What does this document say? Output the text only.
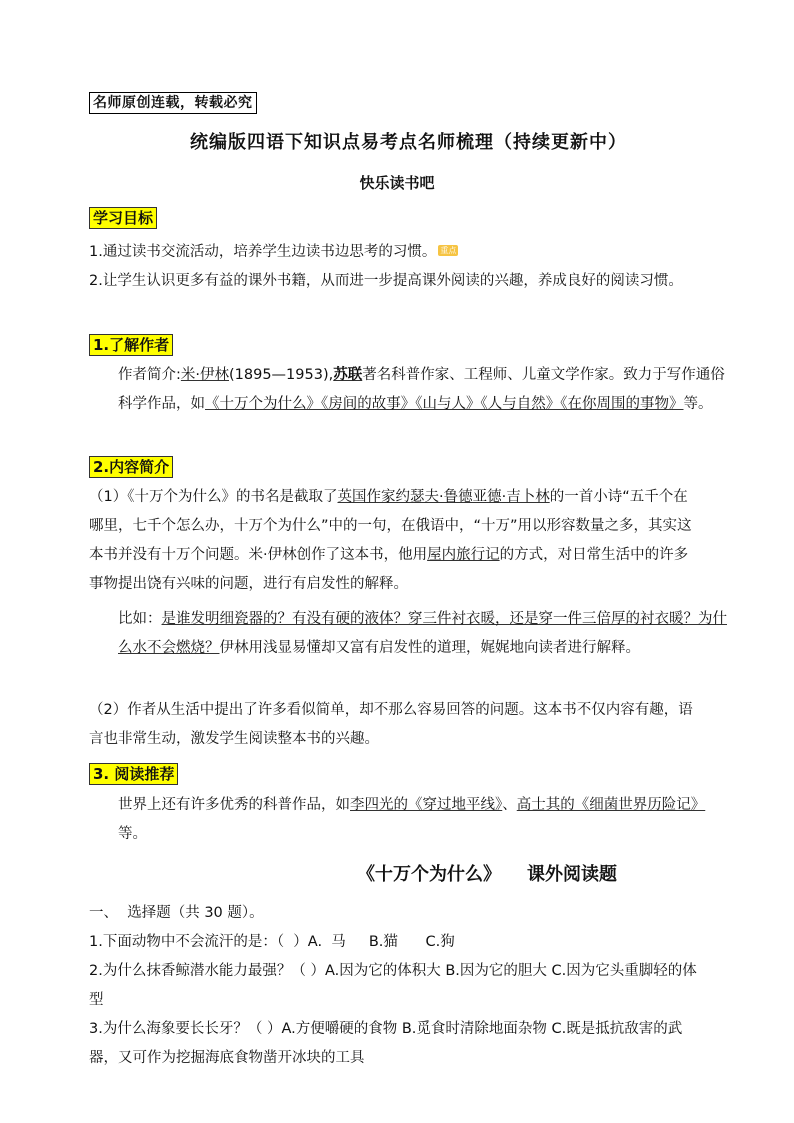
名师原创连载，转载必究
统编版四语下知识点易考点名师梳理（持续更新中）
快乐读书吧
学习目标
1.通过读书交流活动，培养学生边读书边思考的习惯。 重点
2.让学生认识更多有益的课外书籍，从而进一步提高课外阅读的兴趣，养成良好的阅读习惯。
1.了解作者
作者简介:米·伊林(1895—1953),苏联著名科普作家、工程师、儿童文学作家。致力于写作通俗科学作品，如《十万个为什么》《房间的故事》《山与人》《人与自然》《在你周围的事物》等。
2.内容简介
（1）《十万个为什么》的书名是截取了英国作家约瑟夫·鲁德亚德·吉卜林的一首小诗“五千个在哪里，七千个怎么办，十万个为什么”中的一句，在俄语中，“十万”用以形容数量之多，其实这本书并没有十万个问题。米·伊林创作了这本书，他用屋内旅行记的方式，对日常生活中的许多事物提出饶有兴味的问题，进行有启发性的解释。
比如：是谁发明细瓷器的？有没有硬的液体？穿三件衬衣暖，还是穿一件三倍厚的衬衣暖？为什么水不会燃烧？伊林用浅显易懂却又富有启发性的道理，娓娓地向读者进行解释。
（2）作者从生活中提出了许多看似简单，却不那么容易回答的问题。这本书不仅内容有趣，语言也非常生动，激发学生阅读整本书的兴趣。
3. 阅读推荐
世界上还有许多优秀的科普作品，如李四光的《穿过地平线》、高士其的《细菌世界历险记》等。
《十万个为什么》 课外阅读题
一、  选择题（共 30 题）。
1.下面动物中不会流汗的是：（  ）A.  马     B.猫      C.狗
2.为什么抹香鲸潜水能力最强？（ ）A.因为它的体积大 B.因为它的胆大 C.因为它头重脚轻的体型
3.为什么海象要长长牙？（ ）A.方便嚼硬的食物 B.觅食时清除地面杂物 C.既是抵抗敌害的武器，又可作为挖掘海底食物凿开冰块的工具
